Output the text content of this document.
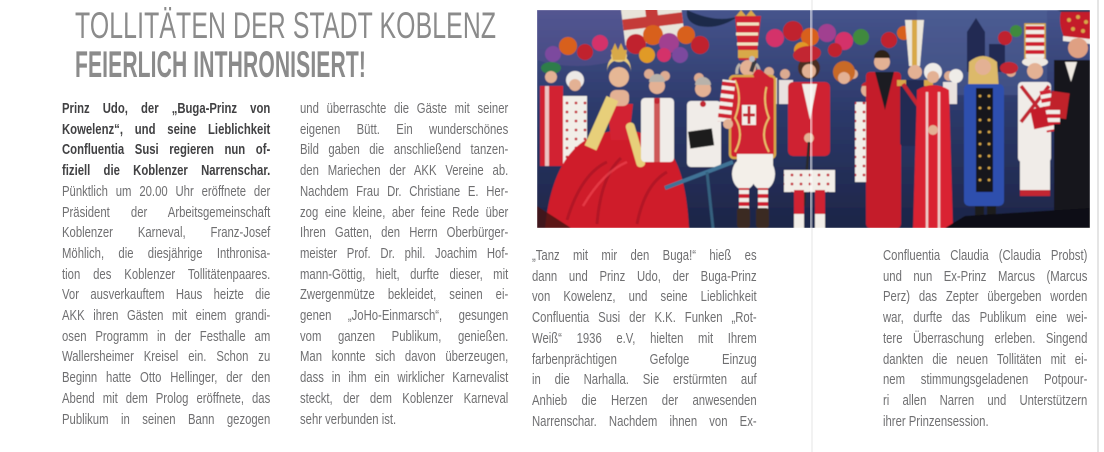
TOLLITÄTEN DER STADT KOBLENZ
FEIERLICH INTHRONISIERT!
Prinz Udo, der „Buga-Prinz von
Kowelenz“, und seine Lieblichkeit
Confluentia Susi regieren nun of-
fiziell die Koblenzer Narrenschar.
Pünktlich um 20.00 Uhr eröffnete der
Präsident der Arbeitsgemeinschaft
Koblenzer Karneval, Franz-Josef
Möhlich, die diesjährige Inthronisa-
tion des Koblenzer Tollitätenpaares.
Vor ausverkauftem Haus heizte die
AKK ihren Gästen mit einem grandi-
osen Programm in der Festhalle am
Wallersheimer Kreisel ein. Schon zu
Beginn hatte Otto Hellinger, der den
Abend mit dem Prolog eröffnete, das
Publikum in seinen Bann gezogen
und überraschte die Gäste mit seiner
eigenen Bütt. Ein wunderschönes
Bild gaben die anschließend tanzen-
den Mariechen der AKK Vereine ab.
Nachdem Frau Dr. Christiane E. Her-
zog eine kleine, aber feine Rede über
Ihren Gatten, den Herrn Oberbürger-
meister Prof. Dr. phil. Joachim Hof-
mann-Göttig, hielt, durfte dieser, mit
Zwergenmütze bekleidet, seinen ei-
genen „JoHo-Einmarsch“, gesungen
vom ganzen Publikum, genießen.
Man konnte sich davon überzeugen,
dass in ihm ein wirklicher Karnevalist
steckt, der dem Koblenzer Karneval
sehr verbunden ist.
„Tanz mit mir den Buga!“ hieß es
dann und Prinz Udo, der Buga-Prinz
von Kowelenz, und seine Lieblichkeit
Confluentia Susi der K.K. Funken „Rot-
Weiß“ 1936 e.V, hielten mit Ihrem
farbenprächtigen Gefolge Einzug
in die Narhalla. Sie erstürmten auf
Anhieb die Herzen der anwesenden
Narrenschar. Nachdem ihnen von Ex-
Confluentia Claudia (Claudia Probst)
und nun Ex-Prinz Marcus (Marcus
Perz) das Zepter übergeben worden
war, durfte das Publikum eine wei-
tere Überraschung erleben. Singend
dankten die neuen Tollitäten mit ei-
nem stimmungsgeladenen Potpour-
ri allen Narren und Unterstützern
ihrer Prinzensession.
